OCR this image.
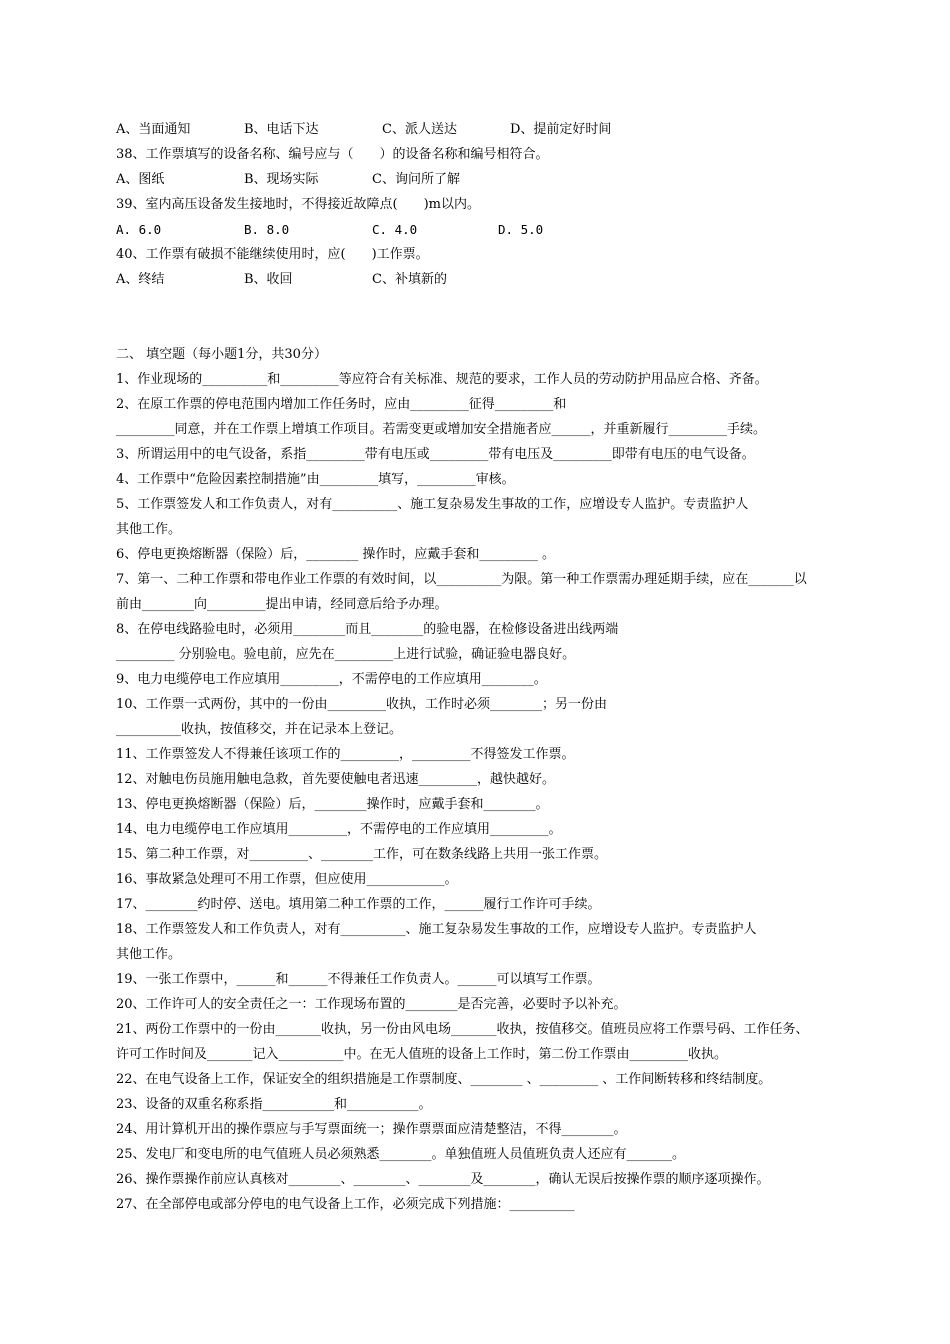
A、当面通知	B、电话下达	C、派人送达	D、提前定好时间
38、工作票填写的设备名称、编号应与（　　）的设备名称和编号相符合。
A、图纸	B、现场实际	C、询问所了解
39、室内高压设备发生接地时，不得接近故障点(　　)m以内。
A. 6.0	B. 8.0	C. 4.0	D. 5.0
40、工作票有破损不能继续使用时，应(　　)工作票。
A、终结	B、收回	C、补填新的
二、 填空题（每小题1分，共30分）
1、作业现场的__________和_________等应符合有关标准、规范的要求，工作人员的劳动防护用品应合格、齐备。
2、在原工作票的停电范围内增加工作任务时，应由_________征得_________和
_________同意，并在工作票上增填工作项目。若需变更或增加安全措施者应______，并重新履行_________手续。
3、所谓运用中的电气设备，系指_________带有电压或_________带有电压及_________即带有电压的电气设备。
4、工作票中“危险因素控制措施”由_________填写，_________审核。
5、工作票签发人和工作负责人，对有__________、施工复杂易发生事故的工作，应增设专人监护。专责监护人
其他工作。
6、停电更换熔断器（保险）后，________ 操作时，应戴手套和_________ 。
7、第一、二种工作票和带电作业工作票的有效时间，以__________为限。第一种工作票需办理延期手续，应在_______以
前由________向_________提出申请，经同意后给予办理。
8、在停电线路验电时，必须用________而且________的验电器，在检修设备进出线两端
_________ 分别验电。验电前，应先在_________上进行试验，确证验电器良好。
9、电力电缆停电工作应填用_________，不需停电的工作应填用________。
10、工作票一式两份，其中的一份由_________收执，工作时必须________；另一份由
__________收执，按值移交，并在记录本上登记。
11、工作票签发人不得兼任该项工作的_________，_________不得签发工作票。
12、对触电伤员施用触电急救，首先要使触电者迅速_________，越快越好。
13、停电更换熔断器（保险）后，________操作时，应戴手套和________。
14、电力电缆停电工作应填用_________，不需停电的工作应填用_________。
15、第二种工作票，对_________、________工作，可在数条线路上共用一张工作票。
16、事故紧急处理可不用工作票，但应使用____________。
17、________约时停、送电。填用第二种工作票的工作，______履行工作许可手续。
18、工作票签发人和工作负责人，对有__________、施工复杂易发生事故的工作，应增设专人监护。专责监护人
其他工作。
19、一张工作票中，______和______不得兼任工作负责人。______可以填写工作票。
20、工作许可人的安全责任之一：工作现场布置的________是否完善，必要时予以补充。
21、两份工作票中的一份由_______收执，另一份由风电场_______收执，按值移交。值班员应将工作票号码、工作任务、
许可工作时间及_______记入__________中。在无人值班的设备上工作时，第二份工作票由_________收执。
22、在电气设备上工作，保证安全的组织措施是工作票制度、________ 、_________ 、工作间断转移和终结制度。
23、设备的双重名称系指___________和___________。
24、用计算机开出的操作票应与手写票面统一；操作票票面应清楚整洁，不得________。
25、发电厂和变电所的电气值班人员必须熟悉________。单独值班人员值班负责人还应有_______。
26、操作票操作前应认真核对________、________、________及________，确认无误后按操作票的顺序逐项操作。
27、在全部停电或部分停电的电气设备上工作，必须完成下列措施：__________
